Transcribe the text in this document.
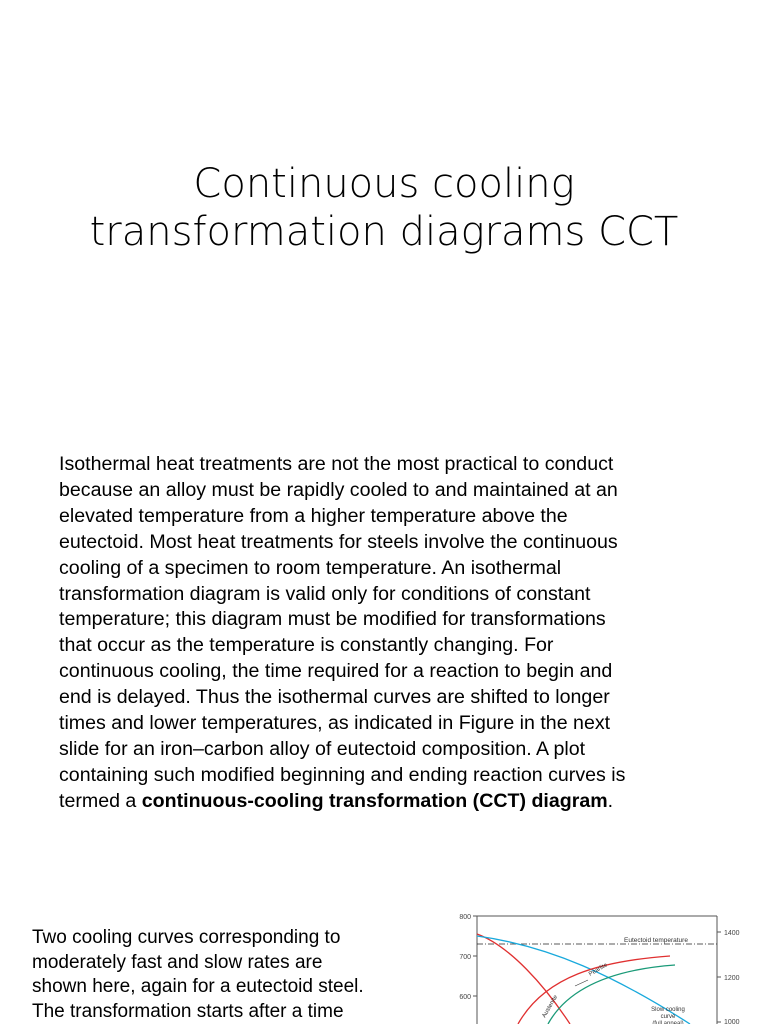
Continuous cooling
transformation diagrams CCT
Isothermal heat treatments are not the most practical to conduct
because an alloy must be rapidly cooled to and maintained at an
elevated temperature from a higher temperature above the
eutectoid. Most heat treatments for steels involve the continuous
cooling of a specimen to room temperature. An isothermal
transformation diagram is valid only for conditions of constant
temperature; this diagram must be modified for transformations
that occur as the temperature is constantly changing. For
continuous cooling, the time required for a reaction to begin and
end is delayed. Thus the isothermal curves are shifted to longer
times and lower temperatures, as indicated in Figure in the next
slide for an iron–carbon alloy of eutectoid composition. A plot
containing such modified beginning and ending reaction curves is
termed a continuous-cooling transformation (CCT) diagram.
Two cooling curves corresponding to
moderately fast and slow rates are
shown here, again for a eutectoid steel.
The transformation starts after a time
800
700
600
1400
1200
1000
Eutectoid temperature
Pearlite
Austenite	Slow cooling
curve
(full anneal)
